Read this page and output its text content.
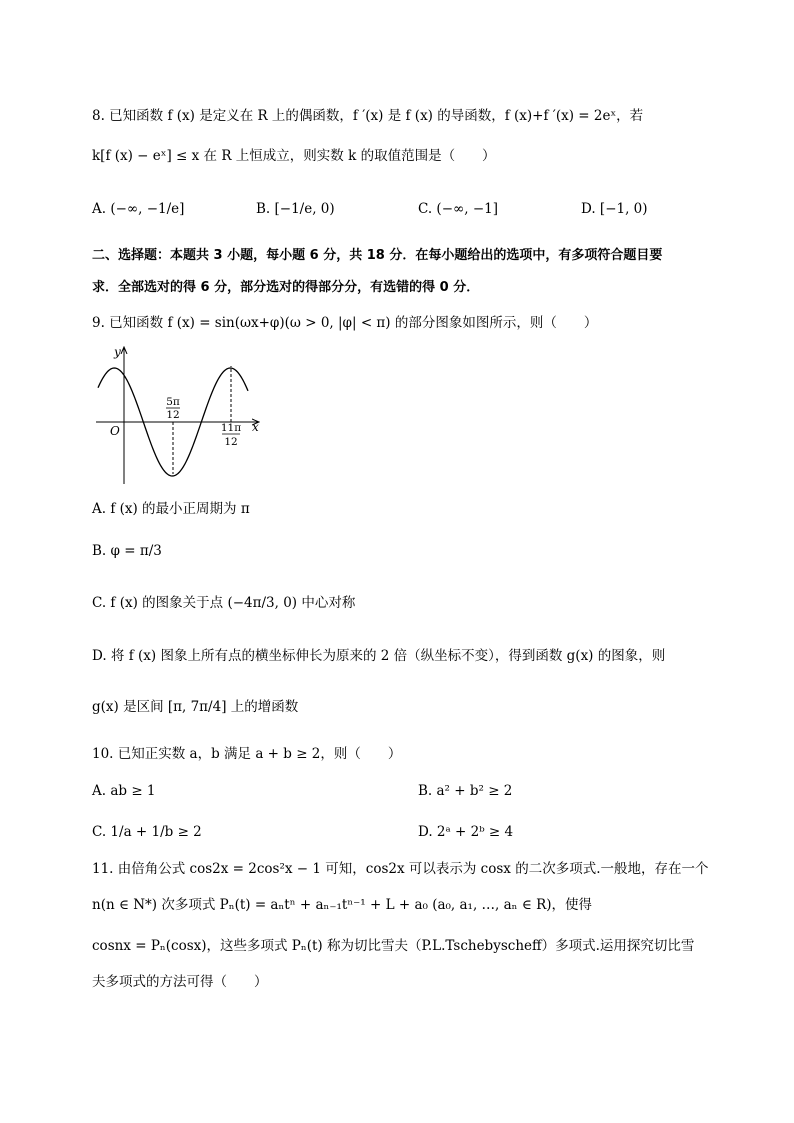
8. 已知函数 f (x) 是定义在 R 上的偶函数，f ′(x) 是 f (x) 的导函数，f (x)+f ′(x) = 2eˣ，若
k[f (x) − eˣ] ≤ x 在 R 上恒成立，则实数 k 的取值范围是（　　）
A. (−∞, −1/e]	B. [−1/e, 0)	C. (−∞, −1]	D. [−1, 0)
二、选择题：本题共 3 小题，每小题 6 分，共 18 分．在每小题给出的选项中，有多项符合题目要
求．全部选对的得 6 分，部分选对的得部分分，有选错的得 0 分．
9. 已知函数 f (x) = sin(ωx+φ)(ω > 0, |φ| < π) 的部分图象如图所示，则（　　）
y
x
O
5π
12
11π
12
A. f (x) 的最小正周期为 π
B. φ = π/3
C. f (x) 的图象关于点 (−4π/3, 0) 中心对称
D. 将 f (x) 图象上所有点的横坐标伸长为原来的 2 倍（纵坐标不变），得到函数 g(x) 的图象，则
g(x) 是区间 [π, 7π/4] 上的增函数
10. 已知正实数 a，b 满足 a + b ≥ 2，则（　　）
A. ab ≥ 1	B. a² + b² ≥ 2
C. 1/a + 1/b ≥ 2	D. 2ᵃ + 2ᵇ ≥ 4
11. 由倍角公式 cos2x = 2cos²x − 1 可知，cos2x 可以表示为 cosx 的二次多项式.一般地，存在一个
n(n ∈ N*) 次多项式 Pₙ(t) = aₙtⁿ + aₙ₋₁tⁿ⁻¹ + L + a₀ (a₀, a₁, …, aₙ ∈ R)，使得
cosnx = Pₙ(cosx)，这些多项式 Pₙ(t) 称为切比雪夫（P.L.Tschebyscheff）多项式.运用探究切比雪
夫多项式的方法可得（　　）
